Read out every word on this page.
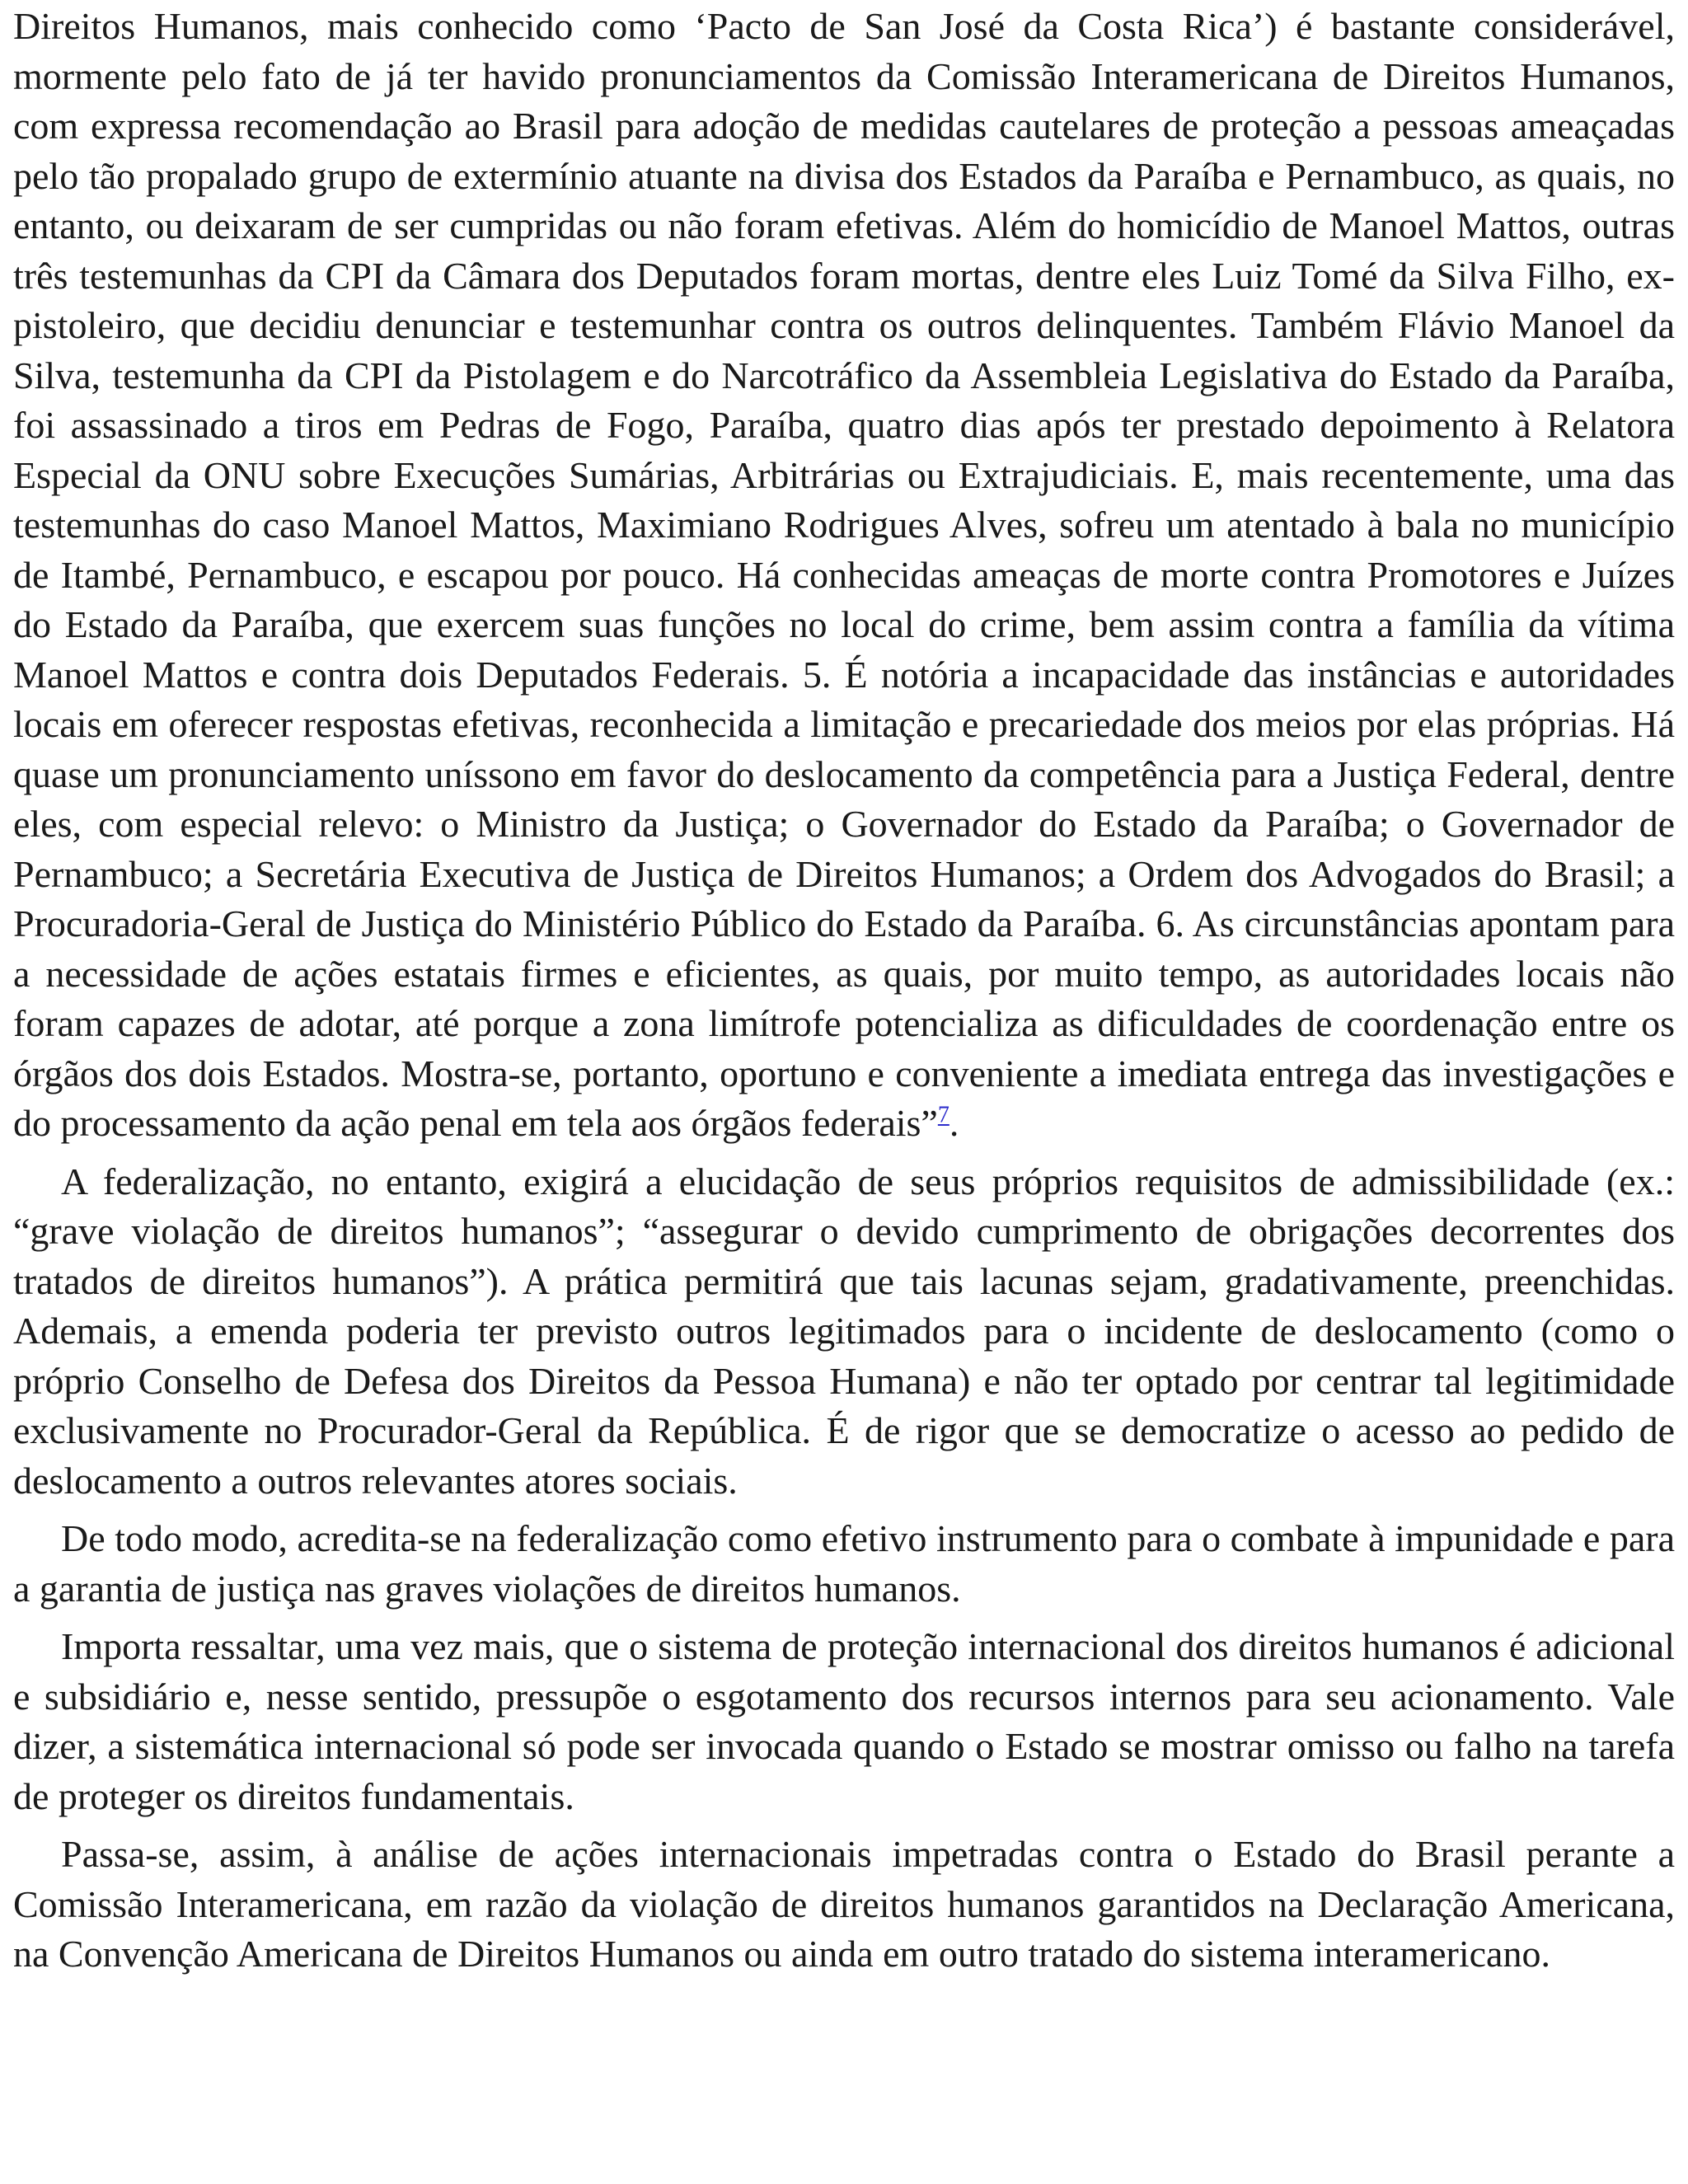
Direitos Humanos, mais conhecido como ‘Pacto de San José da Costa Rica’) é bastante considerável, mormente pelo fato de já ter havido pronunciamentos da Comissão Interamericana de Direitos Humanos, com expressa recomendação ao Brasil para adoção de medidas cautelares de proteção a pessoas ameaçadas pelo tão propalado grupo de extermínio atuante na divisa dos Estados da Paraíba e Pernambuco, as quais, no entanto, ou deixaram de ser cumpridas ou não foram efetivas. Além do homicídio de Manoel Mattos, outras três testemunhas da CPI da Câmara dos Deputados foram mortas, dentre eles Luiz Tomé da Silva Filho, ex-pistoleiro, que decidiu denunciar e testemunhar contra os outros delinquentes. Também Flávio Manoel da Silva, testemunha da CPI da Pistolagem e do Narcotráfico da Assembleia Legislativa do Estado da Paraíba, foi assassinado a tiros em Pedras de Fogo, Paraíba, quatro dias após ter prestado depoimento à Relatora Especial da ONU sobre Execuções Sumárias, Arbitrárias ou Extrajudiciais. E, mais recentemente, uma das testemunhas do caso Manoel Mattos, Maximiano Rodrigues Alves, sofreu um atentado à bala no município de Itambé, Pernambuco, e escapou por pouco. Há conhecidas ameaças de morte contra Promotores e Juízes do Estado da Paraíba, que exercem suas funções no local do crime, bem assim contra a família da vítima Manoel Mattos e contra dois Deputados Federais. 5. É notória a incapacidade das instâncias e autoridades locais em oferecer respostas efetivas, reconhecida a limitação e precariedade dos meios por elas próprias. Há quase um pronunciamento uníssono em favor do deslocamento da competência para a Justiça Federal, dentre eles, com especial relevo: o Ministro da Justiça; o Governador do Estado da Paraíba; o Governador de Pernambuco; a Secretária Executiva de Justiça de Direitos Humanos; a Ordem dos Advogados do Brasil; a Procuradoria-Geral de Justiça do Ministério Público do Estado da Paraíba. 6. As circunstâncias apontam para a necessidade de ações estatais firmes e eficientes, as quais, por muito tempo, as autoridades locais não foram capazes de adotar, até porque a zona limítrofe potencializa as dificuldades de coordenação entre os órgãos dos dois Estados. Mostra-se, portanto, oportuno e conveniente a imediata entrega das investigações e do processamento da ação penal em tela aos órgãos federais”$^7$.

A federalização, no entanto, exigirá a elucidação de seus próprios requisitos de admissibilidade (ex.: “grave violação de direitos humanos”; “assegurar o devido cumprimento de obrigações decorrentes dos tratados de direitos humanos”). A prática permitirá que tais lacunas sejam, gradativamente, preenchidas. Ademais, a emenda poderia ter previsto outros legitimados para o incidente de deslocamento (como o próprio Conselho de Defesa dos Direitos da Pessoa Humana) e não ter optado por centrar tal legitimidade exclusivamente no Procurador-Geral da República. É de rigor que se democratize o acesso ao pedido de deslocamento a outros relevantes atores sociais.

De todo modo, acredita-se na federalização como efetivo instrumento para o combate à impunidade e para a garantia de justiça nas graves violações de direitos humanos.

Importa ressaltar, uma vez mais, que o sistema de proteção internacional dos direitos humanos é adicional e subsidiário e, nesse sentido, pressupõe o esgotamento dos recursos internos para seu acionamento. Vale dizer, a sistemática internacional só pode ser invocada quando o Estado se mostrar omisso ou falho na tarefa de proteger os direitos fundamentais.

Passa-se, assim, à análise de ações internacionais impetradas contra o Estado do Brasil perante a Comissão Interamericana, em razão da violação de direitos humanos garantidos na Declaração Americana, na Convenção Americana de Direitos Humanos ou ainda em outro tratado do sistema interamericano.
